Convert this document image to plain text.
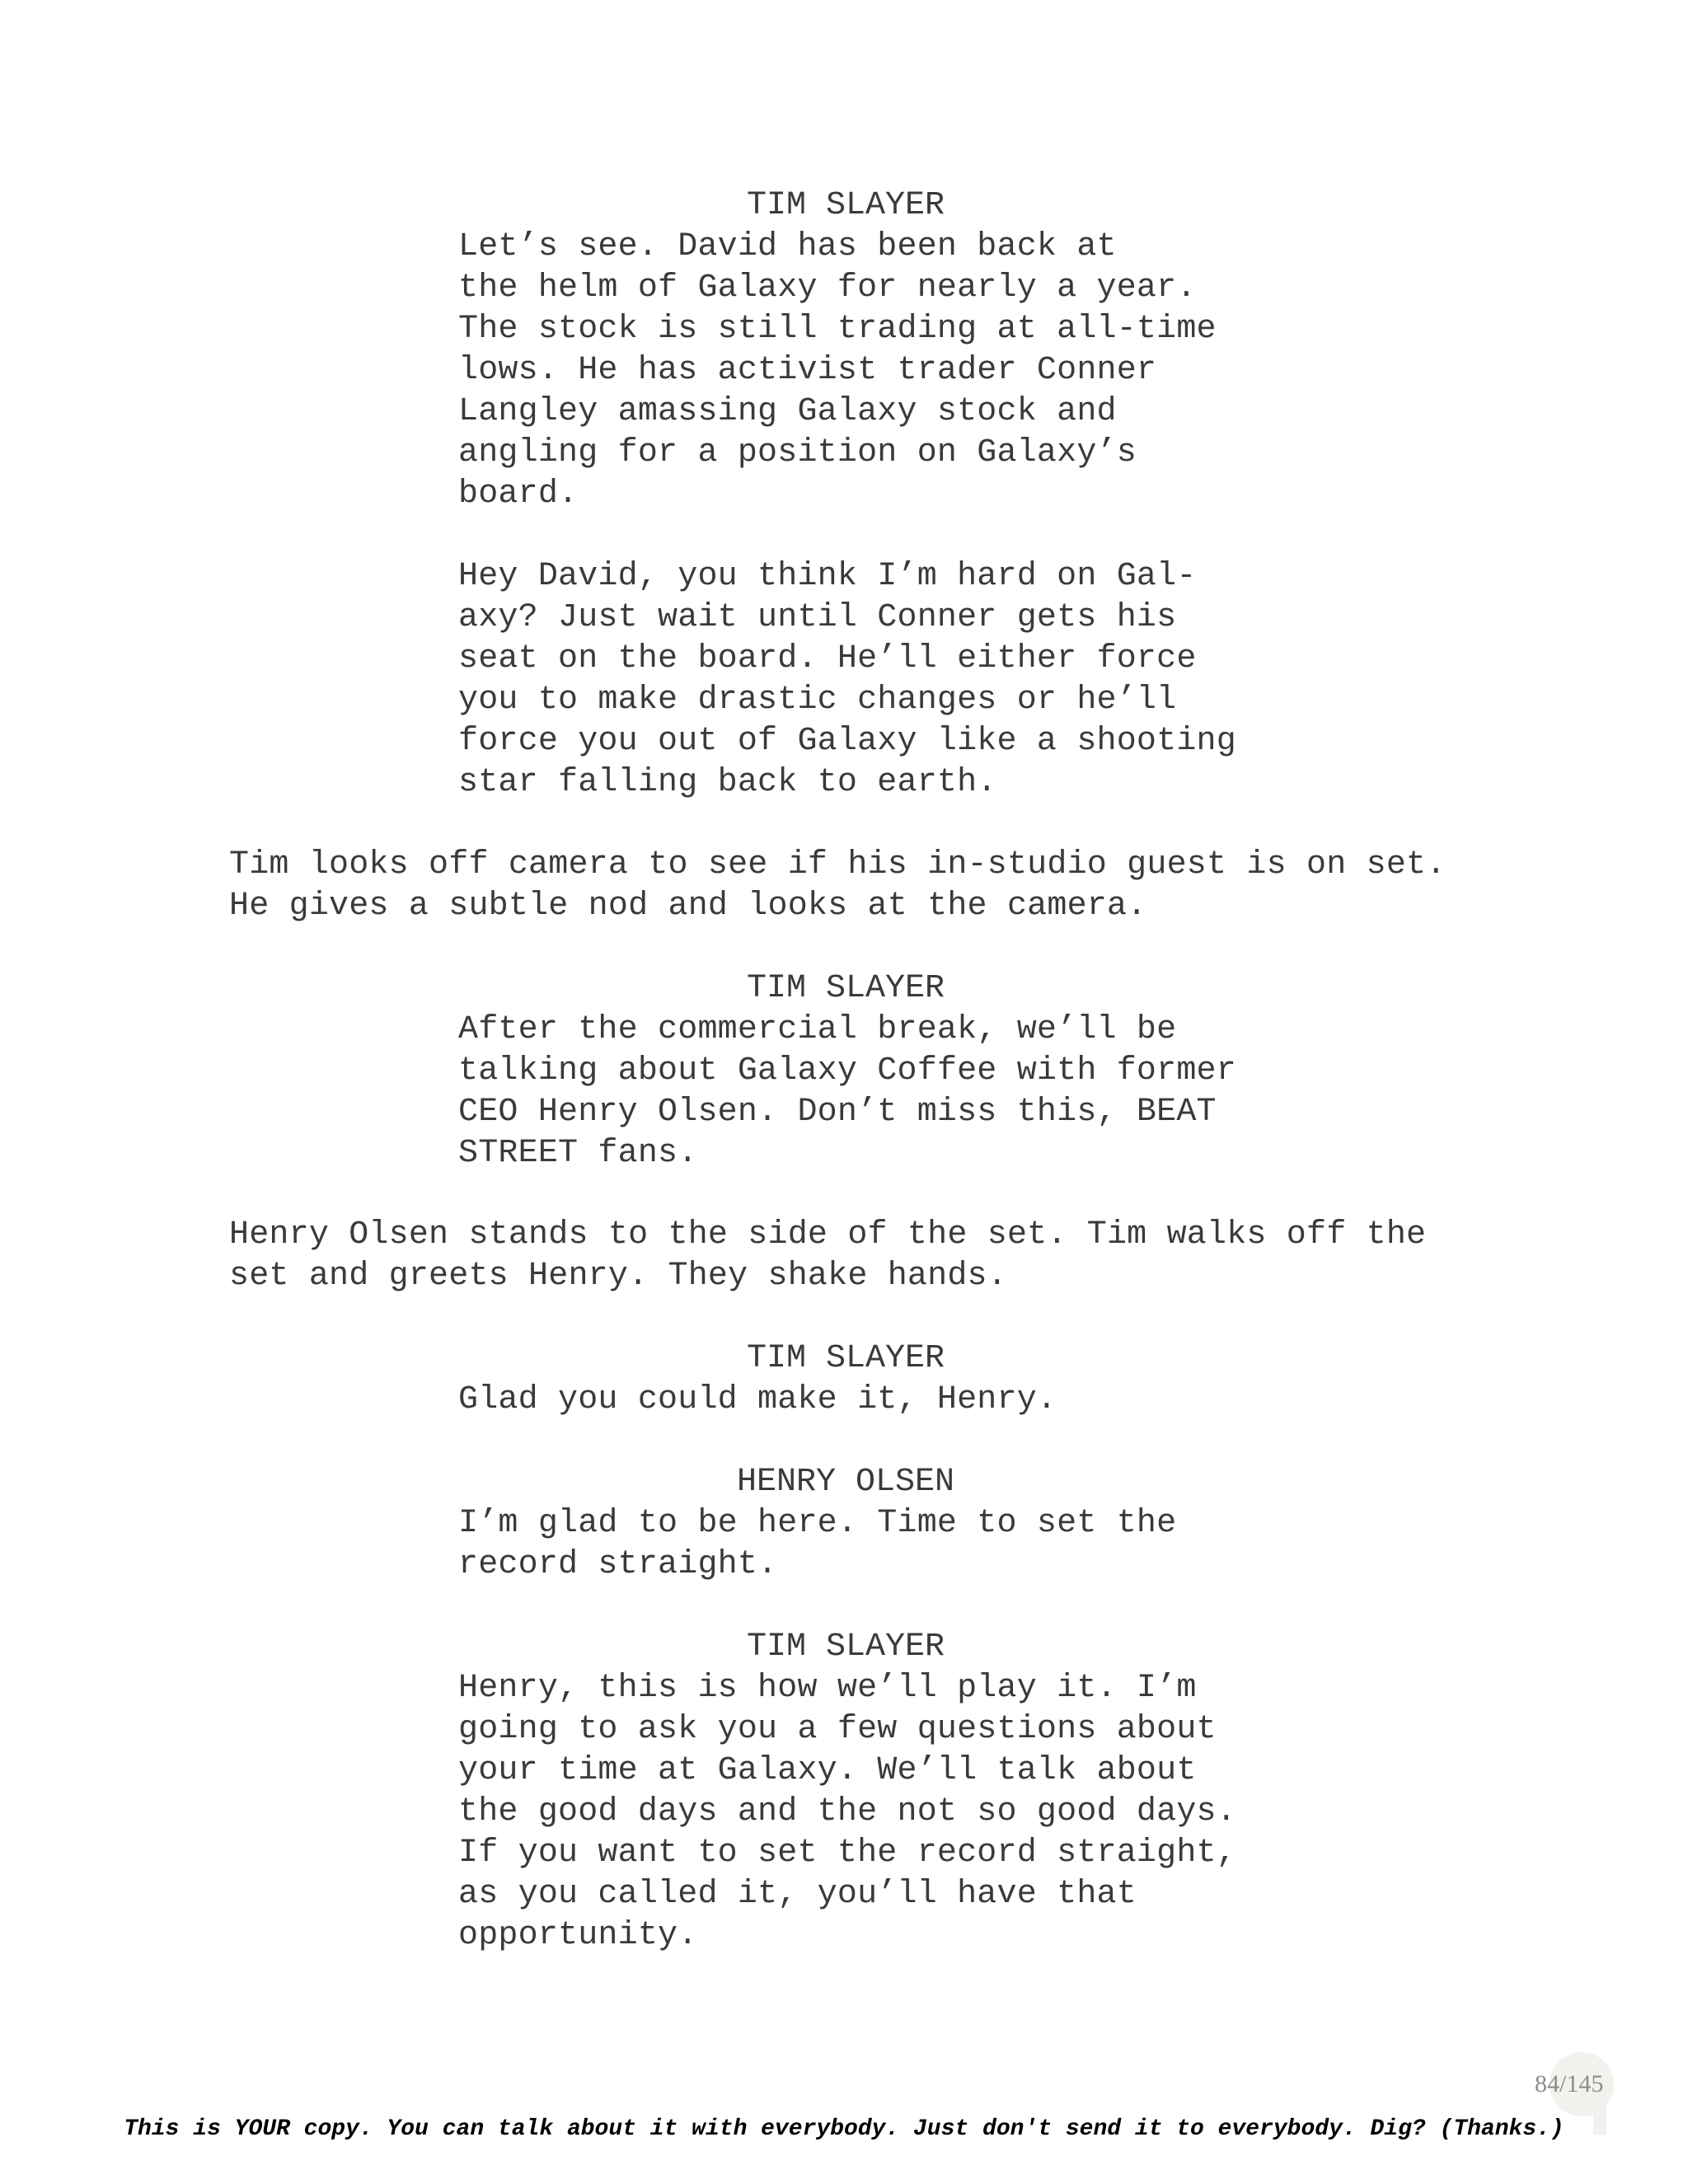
TIM SLAYER
Let’s see. David has been back at
the helm of Galaxy for nearly a year.
The stock is still trading at all-time
lows. He has activist trader Conner
Langley amassing Galaxy stock and
angling for a position on Galaxy’s
board.
Hey David, you think I’m hard on Gal-
axy? Just wait until Conner gets his
seat on the board. He’ll either force
you to make drastic changes or he’ll
force you out of Galaxy like a shooting
star falling back to earth.
Tim looks off camera to see if his in-studio guest is on set.
He gives a subtle nod and looks at the camera.
TIM SLAYER
After the commercial break, we’ll be
talking about Galaxy Coffee with former
CEO Henry Olsen. Don’t miss this, BEAT
STREET fans.
Henry Olsen stands to the side of the set. Tim walks off the
set and greets Henry. They shake hands.
TIM SLAYER
Glad you could make it, Henry.
HENRY OLSEN
I’m glad to be here. Time to set the
record straight.
TIM SLAYER
Henry, this is how we’ll play it. I’m
going to ask you a few questions about
your time at Galaxy. We’ll talk about
the good days and the not so good days.
If you want to set the record straight,
as you called it, you’ll have that
opportunity.
84/145
This is YOUR copy. You can talk about it with everybody. Just don't send it to everybody. Dig? (Thanks.)
